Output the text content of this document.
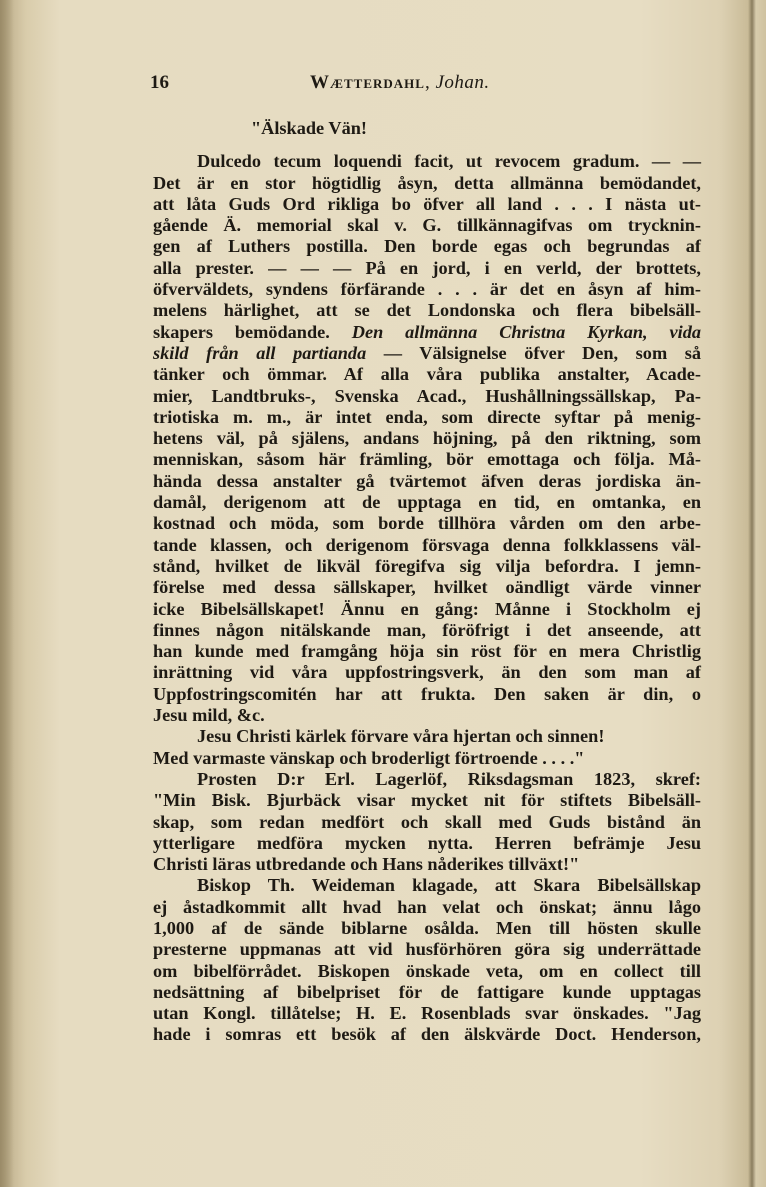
16	Wætterdahl, Johan.
"Älskade Vän!
Dulcedo tecum loquendi facit, ut revocem gradum. — —
Det är en stor högtidlig åsyn, detta allmänna bemödandet,
att låta Guds Ord rikliga bo öfver all land . . . I nästa ut-
gående Ä. memorial skal v. G. tillkännagifvas om trycknin-
gen af Luthers postilla. Den borde egas och begrundas af
alla prester. — — — På en jord, i en verld, der brottets,
öfverväldets, syndens förfärande . . . är det en åsyn af him-
melens härlighet, att se det Londonska och flera bibelsäll-
skapers bemödande. Den allmänna Christna Kyrkan, vida
skild från all partianda — Välsignelse öfver Den, som så
tänker och ömmar. Af alla våra publika anstalter, Acade-
mier, Landtbruks-, Svenska Acad., Hushållningssällskap, Pa-
triotiska m. m., är intet enda, som directe syftar på menig-
hetens väl, på själens, andans höjning, på den riktning, som
menniskan, såsom här främling, bör emottaga och följa. Må-
hända dessa anstalter gå tvärtemot äfven deras jordiska än-
damål, derigenom att de upptaga en tid, en omtanka, en
kostnad och möda, som borde tillhöra vården om den arbe-
tande klassen, och derigenom försvaga denna folkklassens väl-
stånd, hvilket de likväl föregifva sig vilja befordra. I jemn-
förelse med dessa sällskaper, hvilket oändligt värde vinner
icke Bibelsällskapet! Ännu en gång: Månne i Stockholm ej
finnes någon nitälskande man, föröfrigt i det anseende, att
han kunde med framgång höja sin röst för en mera Christlig
inrättning vid våra uppfostringsverk, än den som man af
Uppfostringscomitén har att frukta. Den saken är din, o
Jesu mild, &c.
Jesu Christi kärlek förvare våra hjertan och sinnen!
Med varmaste vänskap och broderligt förtroende . . . ."
Prosten D:r Erl. Lagerlöf, Riksdagsman 1823, skref:
"Min Bisk. Bjurbäck visar mycket nit för stiftets Bibelsäll-
skap, som redan medfört och skall med Guds bistånd än
ytterligare medföra mycken nytta. Herren befrämje Jesu
Christi läras utbredande och Hans nåderikes tillväxt!"
Biskop Th. Weideman klagade, att Skara Bibelsällskap
ej åstadkommit allt hvad han velat och önskat; ännu lågo
1,000 af de sände biblarne osålda. Men till hösten skulle
presterne uppmanas att vid husförhören göra sig underrättade
om bibelförrådet. Biskopen önskade veta, om en collect till
nedsättning af bibelpriset för de fattigare kunde upptagas
utan Kongl. tillåtelse; H. E. Rosenblads svar önskades. "Jag
hade i somras ett besök af den älskvärde Doct. Henderson,
